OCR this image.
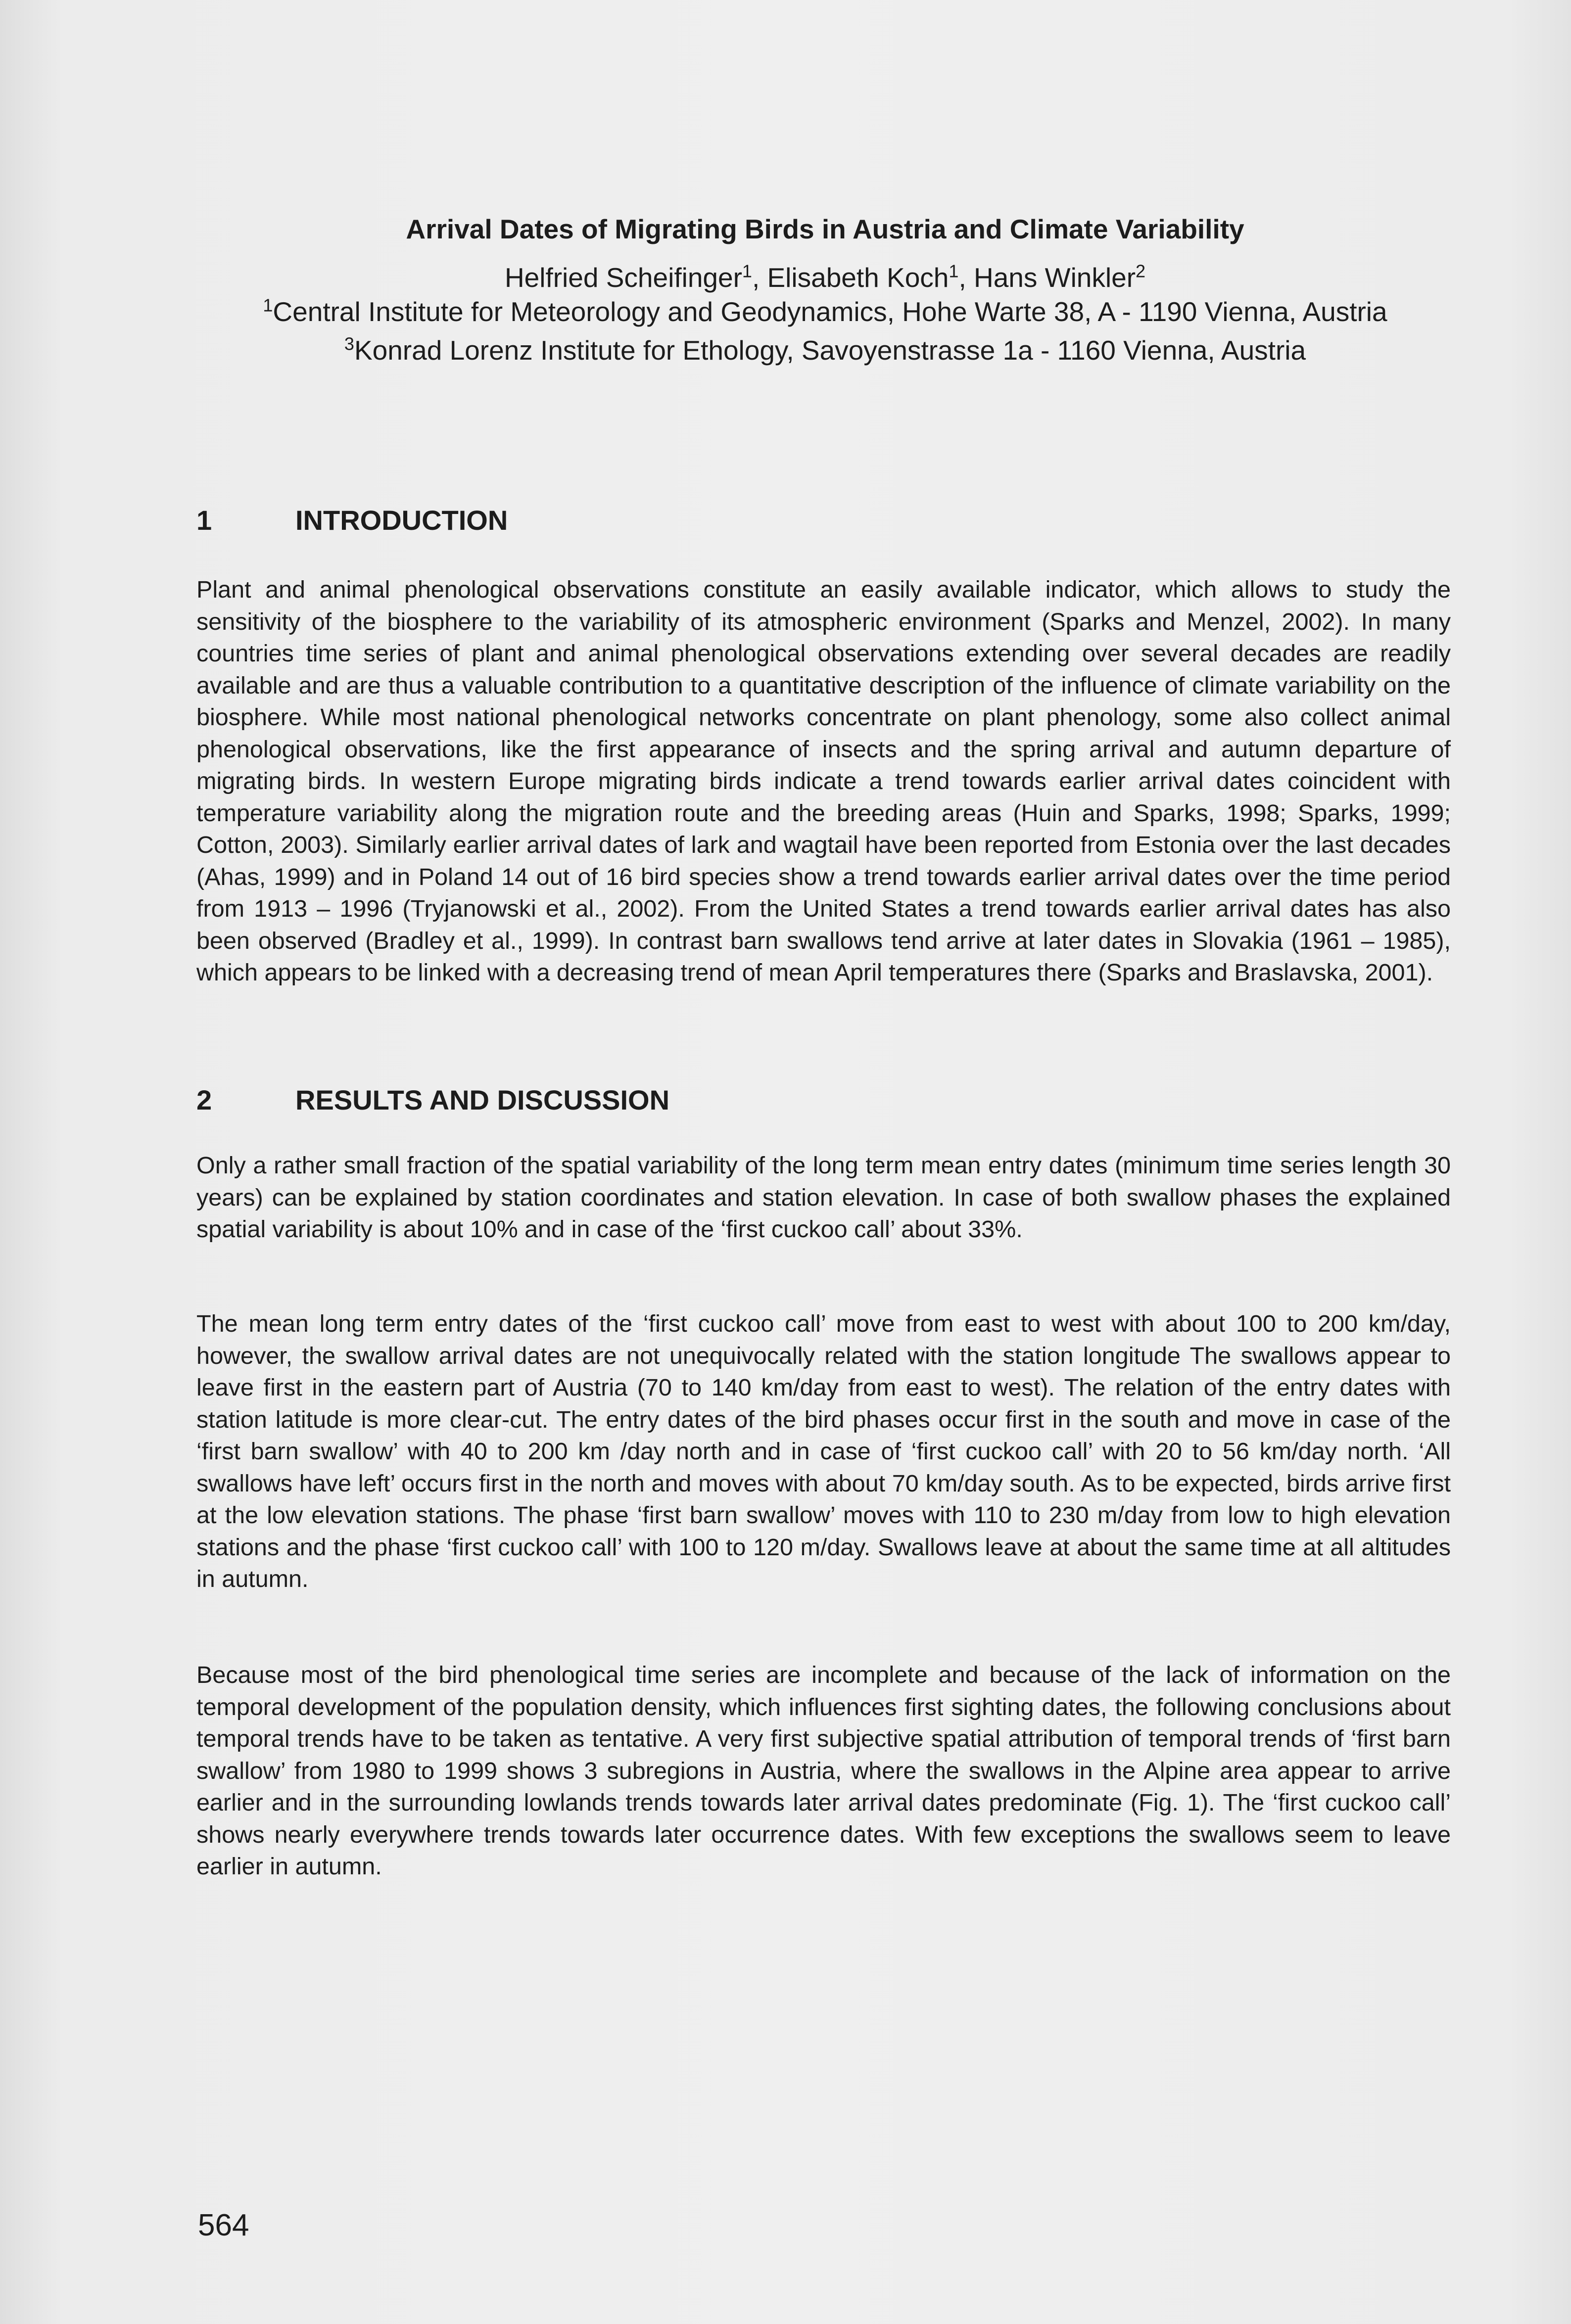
Arrival Dates of Migrating Birds in Austria and Climate Variability
Helfried Scheifinger$^1$, Elisabeth Koch$^1$, Hans Winkler$^2$
$^1$Central Institute for Meteorology and Geodynamics, Hohe Warte 38, A - 1190 Vienna, Austria
$^3$Konrad Lorenz Institute for Ethology, Savoyenstrasse 1a - 1160 Vienna, Austria
1	INTRODUCTION

Plant and animal phenological observations constitute an easily available indicator, which allows to study the sensitivity of the biosphere to the variability of its atmospheric environment (Sparks and Menzel, 2002). In many countries time series of plant and animal phenological observations extending over several decades are readily available and are thus a valuable contribution to a quantitative description of the influence of climate variability on the biosphere. While most national phenological networks concentrate on plant phenology, some also collect animal phenological observations, like the first appearance of insects and the spring arrival and autumn departure of migrating birds. In western Europe migrating birds indicate a trend towards earlier arrival dates coincident with temperature variability along the migration route and the breeding areas (Huin and Sparks, 1998; Sparks, 1999; Cotton, 2003). Similarly earlier arrival dates of lark and wagtail have been reported from Estonia over the last decades (Ahas, 1999) and in Poland 14 out of 16 bird species show a trend towards earlier arrival dates over the time period from 1913 – 1996 (Tryjanowski et al., 2002). From the United States a trend towards earlier arrival dates has also been observed (Bradley et al., 1999). In contrast barn swallows tend arrive at later dates in Slovakia (1961 – 1985), which appears to be linked with a decreasing trend of mean April temperatures there (Sparks and Braslavska, 2001).

2	RESULTS AND DISCUSSION

Only a rather small fraction of the spatial variability of the long term mean entry dates (minimum time series length 30 years) can be explained by station coordinates and station elevation. In case of both swallow phases the explained spatial variability is about 10% and in case of the ‘first cuckoo call’ about 33%.

The mean long term entry dates of the ‘first cuckoo call’ move from east to west with about 100 to 200 km/day, however, the swallow arrival dates are not unequivocally related with the station longitude The swallows appear to leave first in the eastern part of Austria (70 to 140 km/day from east to west). The relation of the entry dates with station latitude is more clear-cut. The entry dates of the bird phases occur first in the south and move in case of the ‘first barn swallow’ with 40 to 200 km /day north and in case of ‘first cuckoo call’ with 20 to 56 km/day north. ‘All swallows have left’ occurs first in the north and moves with about 70 km/day south. As to be expected, birds arrive first at the low elevation stations. The phase ‘first barn swallow’ moves with 110 to 230 m/day from low to high elevation stations and the phase ‘first cuckoo call’ with 100 to 120 m/day. Swallows leave at about the same time at all altitudes in autumn.

Because most of the bird phenological time series are incomplete and because of the lack of information on the temporal development of the population density, which influences first sighting dates, the following conclusions about temporal trends have to be taken as tentative. A very first subjective spatial attribution of temporal trends of ‘first barn swallow’ from 1980 to 1999 shows 3 subregions in Austria, where the swallows in the Alpine area appear to arrive earlier and in the surrounding lowlands trends towards later arrival dates predominate (Fig. 1). The ‘first cuckoo call’ shows nearly everywhere trends towards later occurrence dates. With few exceptions the swallows seem to leave earlier in autumn.

564
